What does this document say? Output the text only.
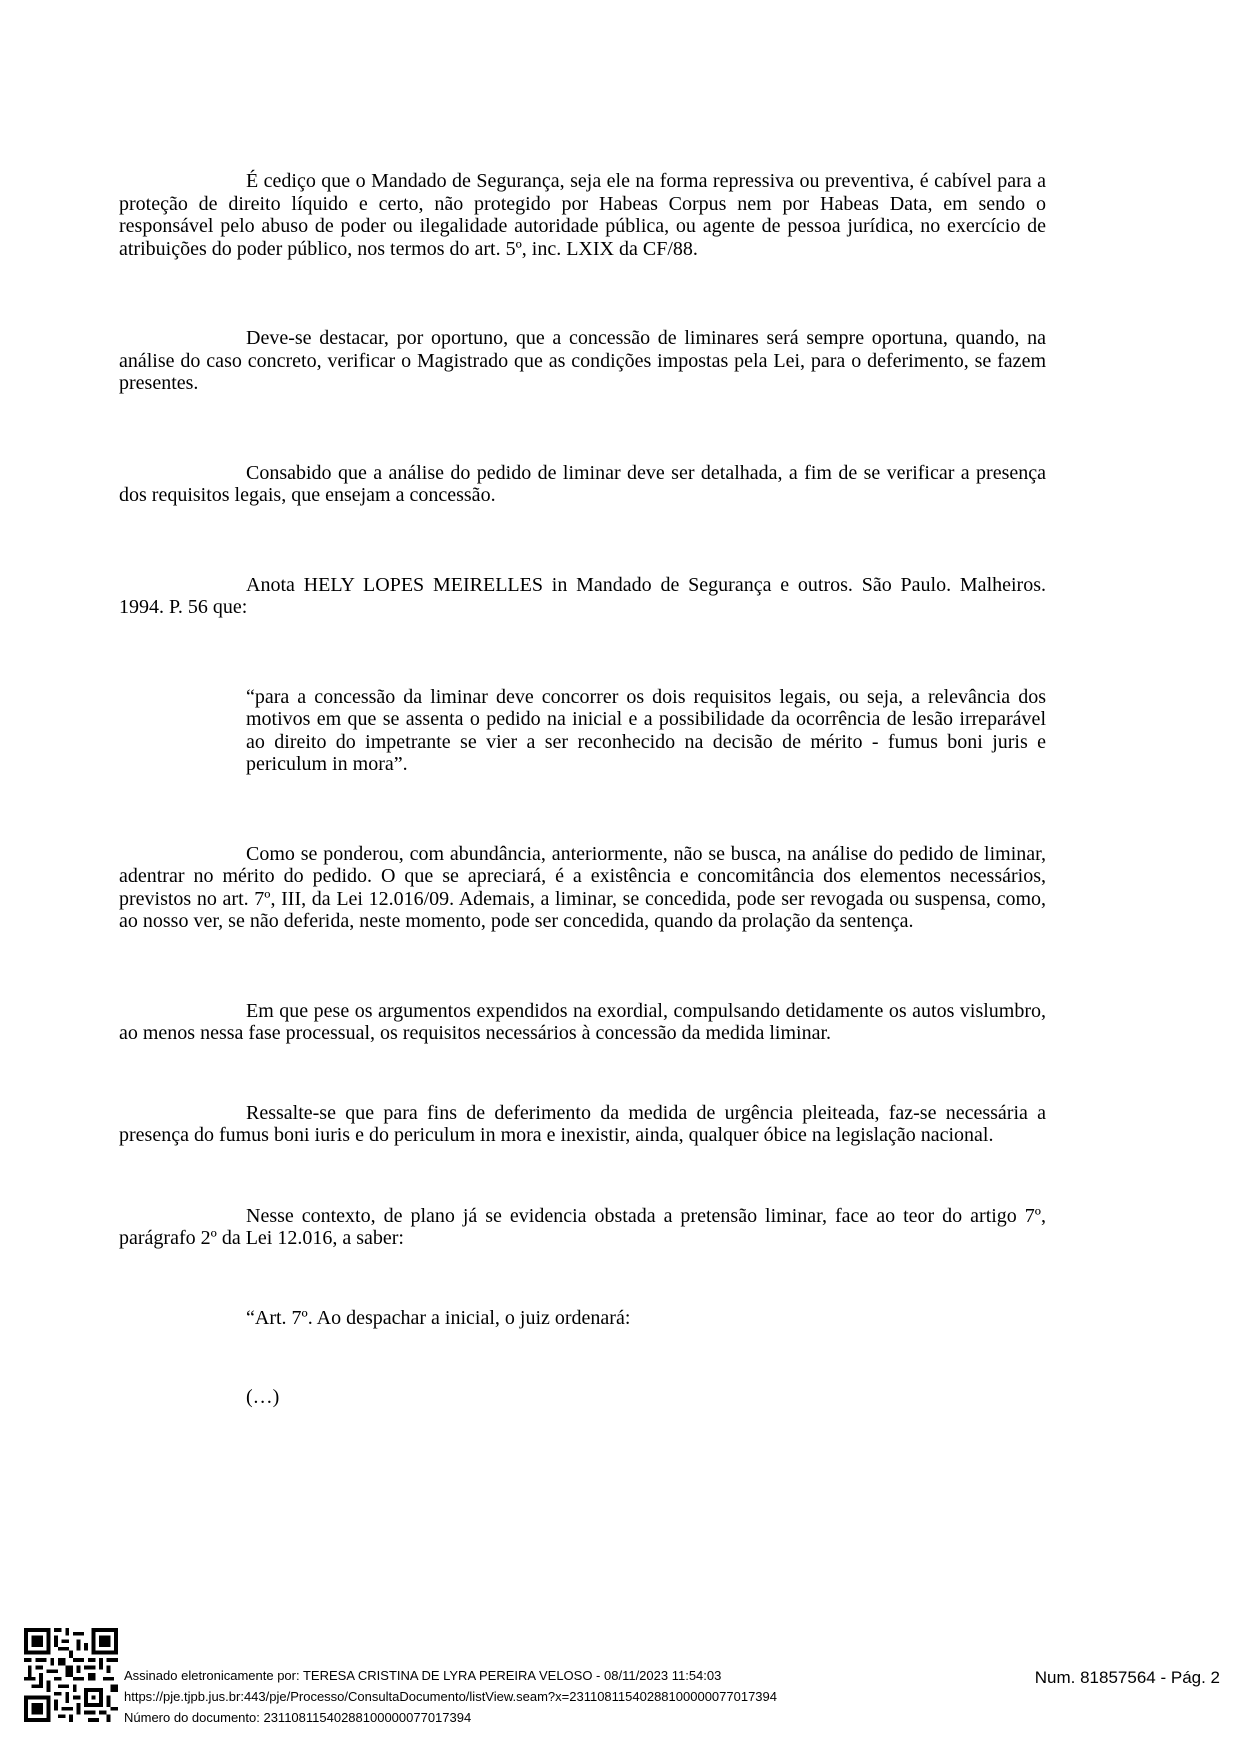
É cediço que o Mandado de Segurança, seja ele na forma repressiva ou preventiva, é cabível para a proteção de direito líquido e certo, não protegido por Habeas Corpus nem por Habeas Data, em sendo o responsável pelo abuso de poder ou ilegalidade autoridade pública, ou agente de pessoa jurídica, no exercício de atribuições do poder público, nos termos do art. 5º, inc. LXIX da CF/88.

Deve-se destacar, por oportuno, que a concessão de liminares será sempre oportuna, quando, na análise do caso concreto, verificar o Magistrado que as condições impostas pela Lei, para o deferimento, se fazem presentes.

Consabido que a análise do pedido de liminar deve ser detalhada, a fim de se verificar a presença dos requisitos legais, que ensejam a concessão.

Anota HELY LOPES MEIRELLES in Mandado de Segurança e outros. São Paulo. Malheiros. 1994. P. 56 que:

“para a concessão da liminar deve concorrer os dois requisitos legais, ou seja, a relevância dos motivos em que se assenta o pedido na inicial e a possibilidade da ocorrência de lesão irreparável ao direito do impetrante se vier a ser reconhecido na decisão de mérito - fumus boni juris e periculum in mora”.

Como se ponderou, com abundância, anteriormente, não se busca, na análise do pedido de liminar, adentrar no mérito do pedido. O que se apreciará, é a existência e concomitância dos elementos necessários, previstos no art. 7º, III, da Lei 12.016/09. Ademais, a liminar, se concedida, pode ser revogada ou suspensa, como, ao nosso ver, se não deferida, neste momento, pode ser concedida, quando da prolação da sentença.

Em que pese os argumentos expendidos na exordial, compulsando detidamente os autos vislumbro, ao menos nessa fase processual, os requisitos necessários à concessão da medida liminar.

Ressalte-se que para fins de deferimento da medida de urgência pleiteada, faz-se necessária a presença do fumus boni iuris e do periculum in mora e inexistir, ainda, qualquer óbice na legislação nacional.

Nesse contexto, de plano já se evidencia obstada a pretensão liminar, face ao teor do artigo 7º, parágrafo 2º da Lei 12.016, a saber:

“Art. 7º. Ao despachar a inicial, o juiz ordenará:

(…)

Assinado eletronicamente por: TERESA CRISTINA DE LYRA PEREIRA VELOSO - 08/11/2023 11:54:03
https://pje.tjpb.jus.br:443/pje/Processo/ConsultaDocumento/listView.seam?x=23110811540288100000077017394
Número do documento: 23110811540288100000077017394
Num. 81857564 - Pág. 2
